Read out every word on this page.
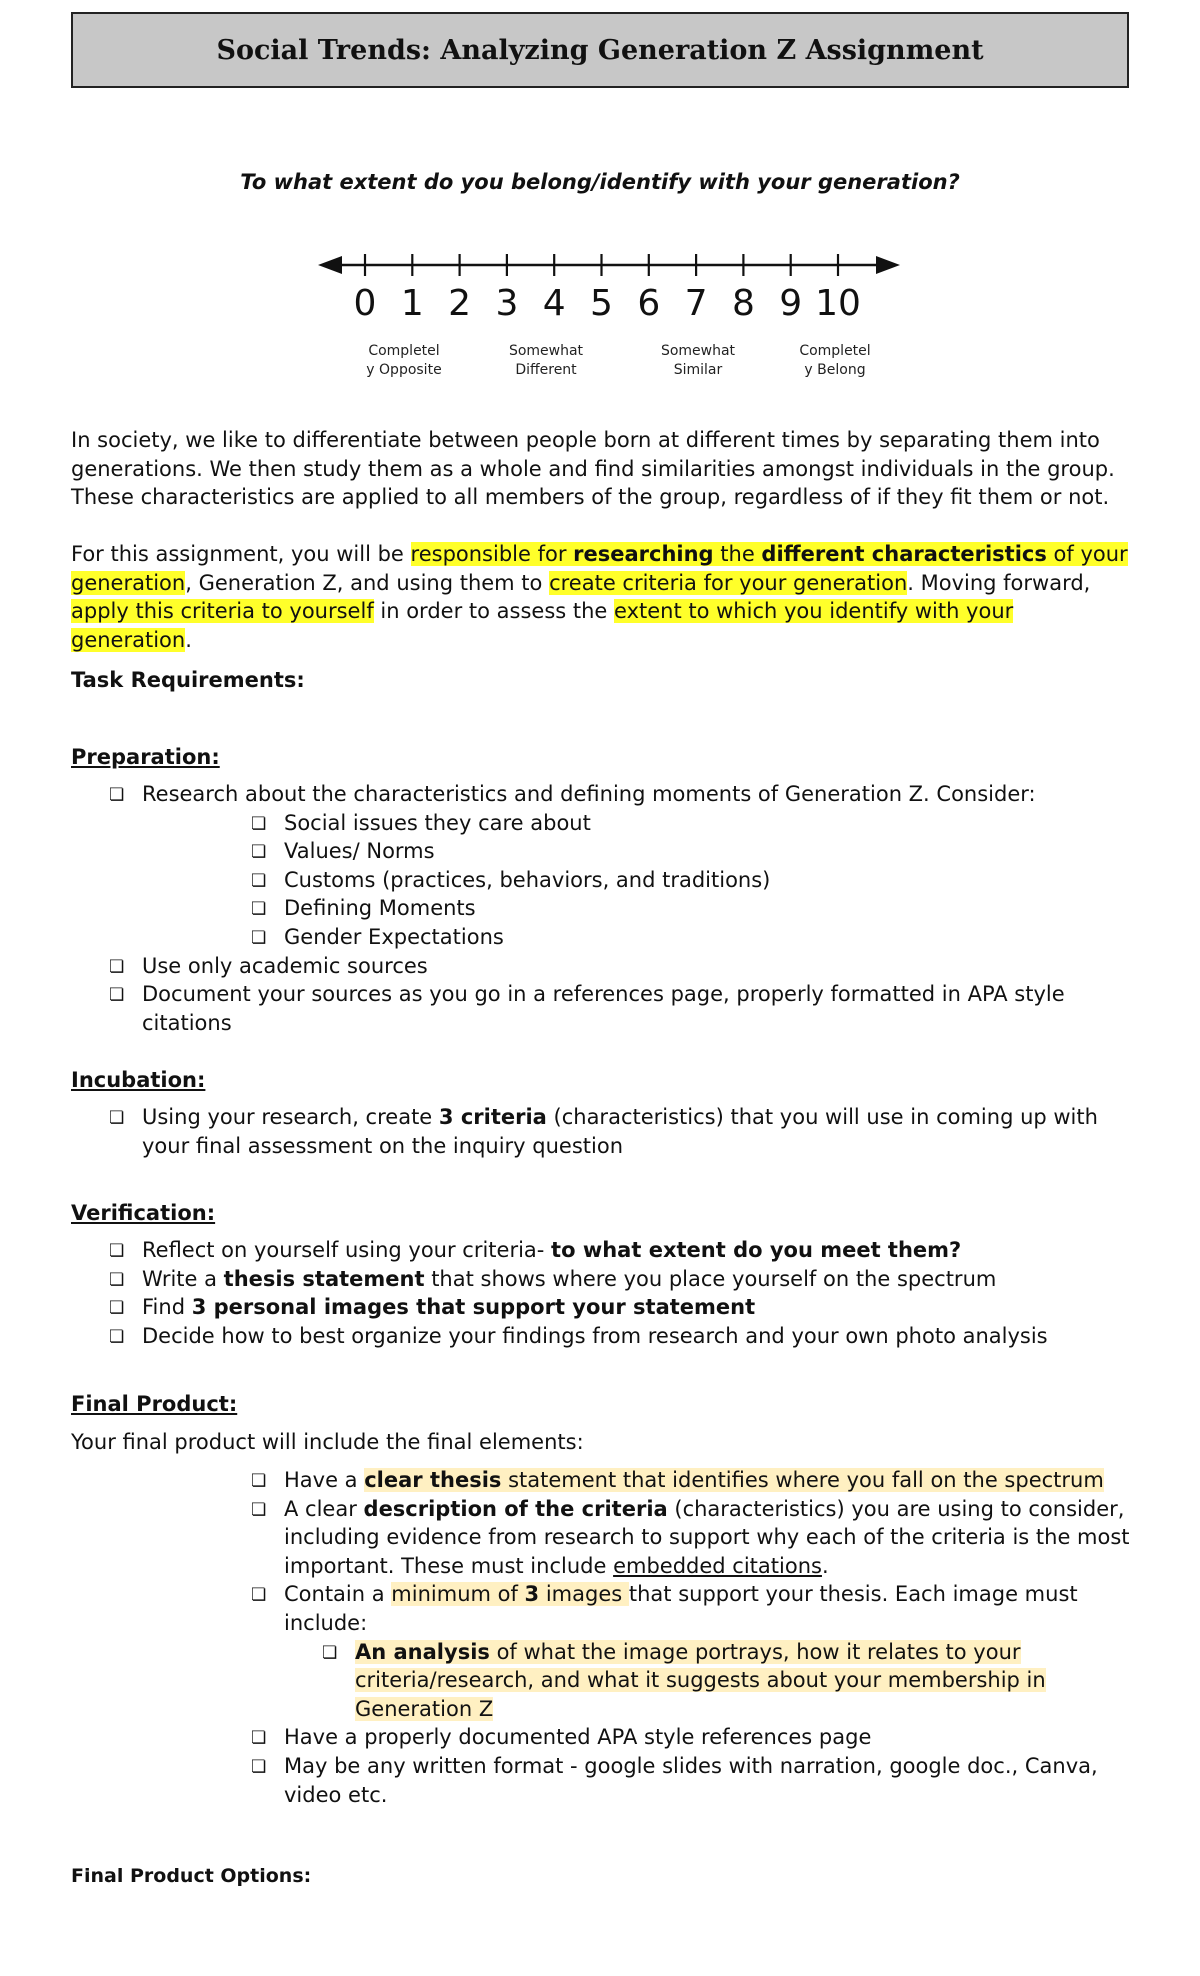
Social Trends: Analyzing Generation Z Assignment
To what extent do you belong/identify with your generation?
0 1 2 3 4 5 6 7 8 9 10
Completel
y Opposite
Somewhat
Different
Somewhat
Similar
Completel
y Belong

In society, we like to differentiate between people born at different times by separating them into generations. We then study them as a whole and find similarities amongst individuals in the group. These characteristics are applied to all members of the group, regardless of if they fit them or not.

For this assignment, you will be responsible for researching the different characteristics of your generation, Generation Z, and using them to create criteria for your generation. Moving forward, apply this criteria to yourself in order to assess the extent to which you identify with your generation.

Task Requirements:
Preparation:
❏ Research about the characteristics and defining moments of Generation Z. Consider:
❏ Social issues they care about
❏ Values/ Norms
❏ Customs (practices, behaviors, and traditions)
❏ Defining Moments
❏ Gender Expectations
❏ Use only academic sources
❏ Document your sources as you go in a references page, properly formatted in APA style citations
Incubation:
❏ Using your research, create 3 criteria (characteristics) that you will use in coming up with your final assessment on the inquiry question
Verification:
❏ Reflect on yourself using your criteria- to what extent do you meet them?
❏ Write a thesis statement that shows where you place yourself on the spectrum
❏ Find 3 personal images that support your statement
❏ Decide how to best organize your findings from research and your own photo analysis
Final Product:
Your final product will include the final elements:
❏ Have a clear thesis statement that identifies where you fall on the spectrum
❏ A clear description of the criteria (characteristics) you are using to consider, including evidence from research to support why each of the criteria is the most important. These must include embedded citations.
❏ Contain a minimum of 3 images that support your thesis. Each image must include:
❏ An analysis of what the image portrays, how it relates to your criteria/research, and what it suggests about your membership in Generation Z
❏ Have a properly documented APA style references page
❏ May be any written format - google slides with narration, google doc., Canva, video etc.
Final Product Options:
